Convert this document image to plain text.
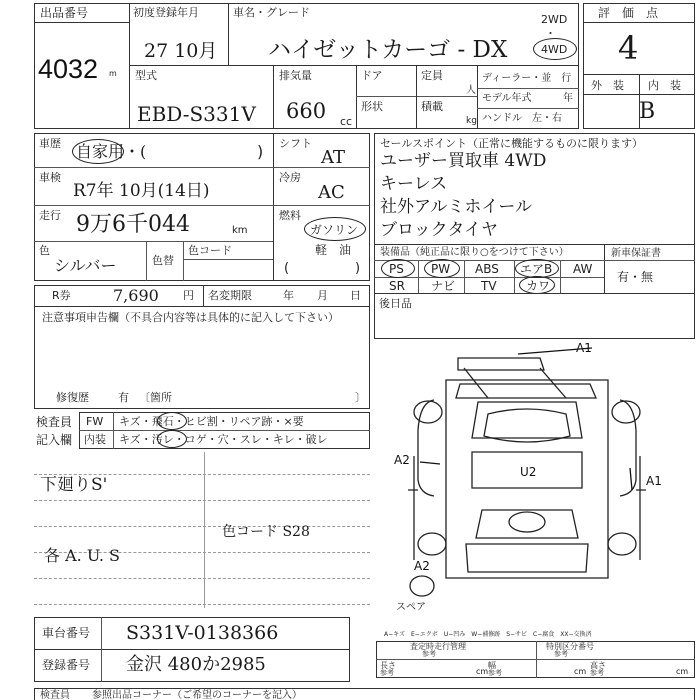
出品番号
4032 m
初度登録年月
27 10月
車名・グレード
ハイゼットカーゴ - DX
2WD
・
4WD
評　価　点
4
外　装 内　装
B
型式
EBD-S331V
排気量
660 cc
ドア
形状
定員
人
積載
kg
ディーラー・並　行
モデル年式	年
ハンドル　左・右
車歴 自家用・(	)
車検
R7年 10月(14日)
走行 9万6千044	km
色
シルバー	色替
色コード
シフト
AT
冷房
AC
燃料
ガソリン
軽　油
(	)
セールスポイント（正常に機能するものに限ります）
ユーザー買取車 4WD
キーレス
社外アルミホイール
ブロックタイヤ
装備品（純正品に限り○をつけて下さい）
PS PW ABS エアB AW
SR ナビ TV カワ
新車保証書
有・無
R券	7,690 円 名変期限	年 月 日
後日品
注意事項申告欄（不具合内容等は具体的に記入して下さい）
修復歴	有 〔箇所	〕
検査員
記入欄
FW キズ・飛石・ヒビ割・リペア跡・×要
内装 キズ・汚レ・コゲ・穴・スレ・キレ・破レ
下廻りS'
色コード S28
各 A. U. S
A1
A1
A2
A2
U2
スペア
A−キズ　E−エクボ　U−凹み　W−補修跡　S−サビ　C−腐食　XX−交換済
査定時走行管理
参考
特別区分番号
参考
長さ
参考	cm
幅
参考	cm
高さ
参考	cm
車台番号 S331V-0138366
登録番号 金沢 480か2985
検査員 参照出品コーナー（ご希望のコーナーを記入）
